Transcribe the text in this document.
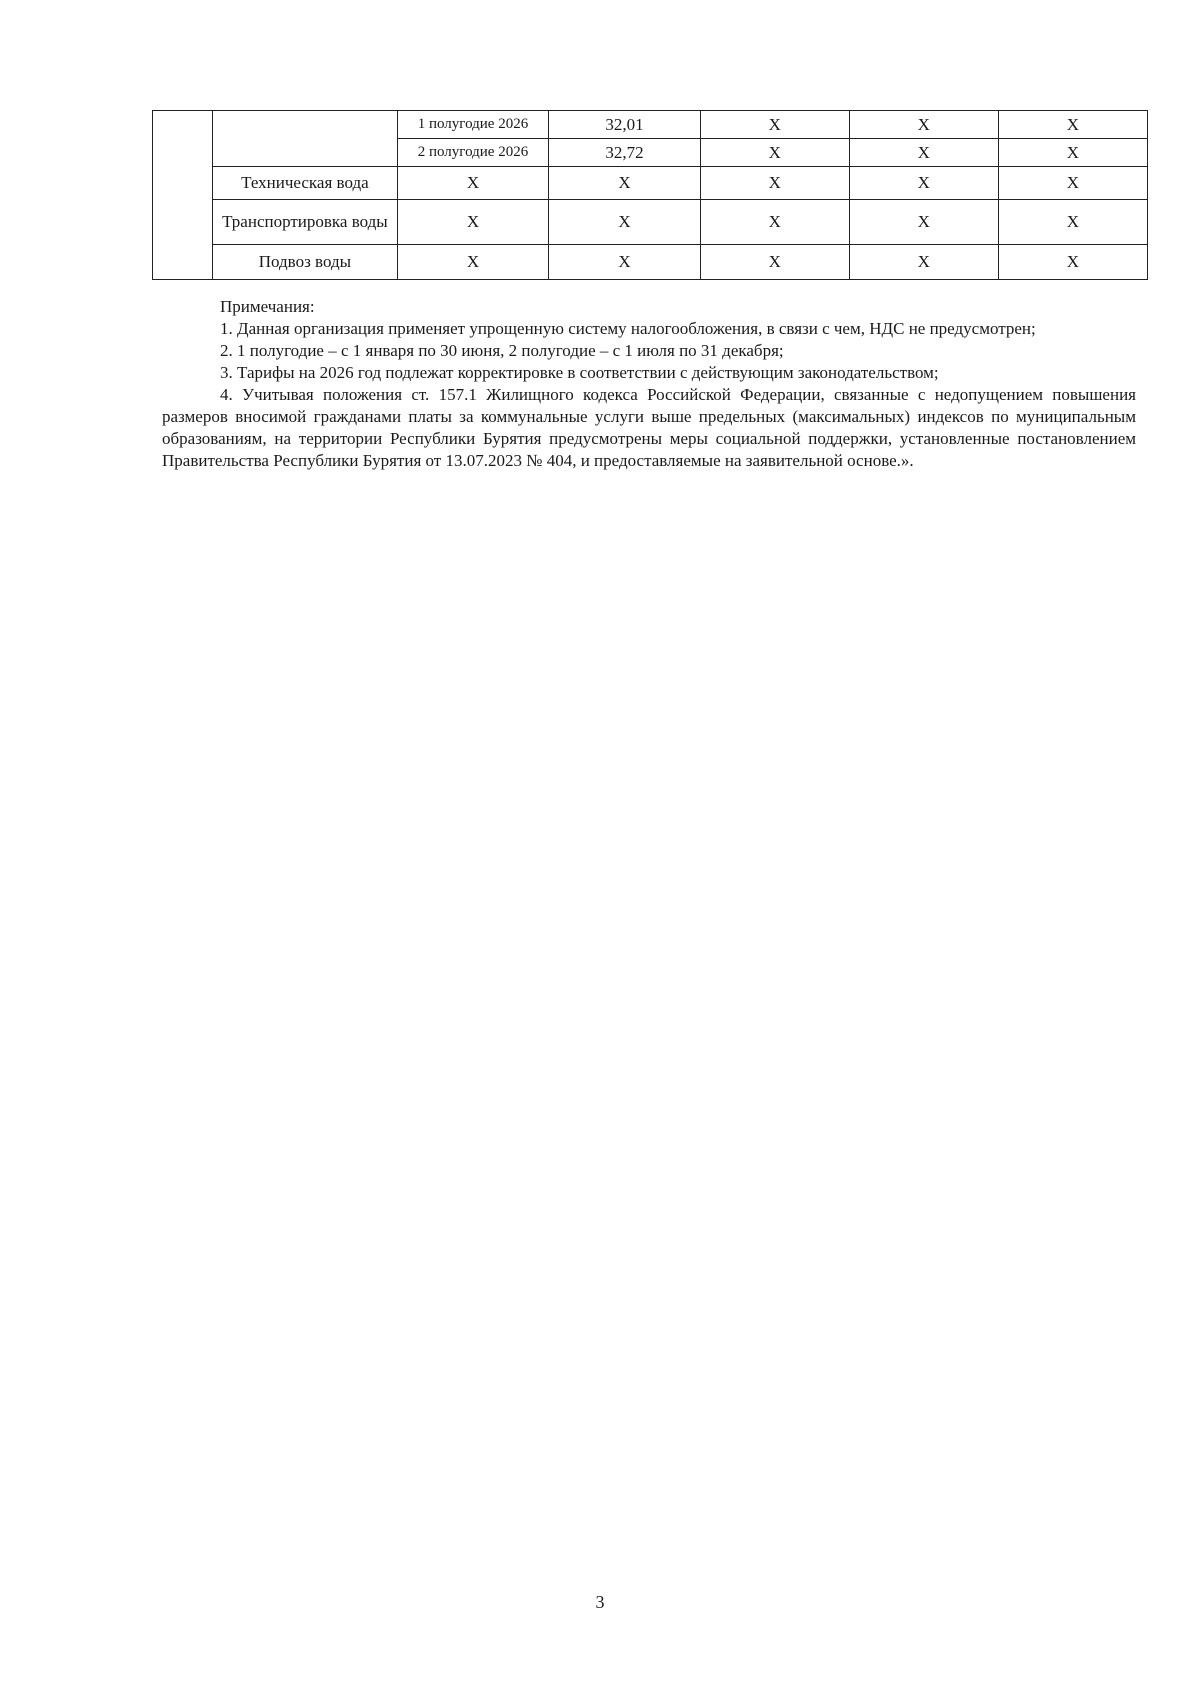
		1 полугодие 2026	32,01	Х	Х	Х
		2 полугодие 2026	32,72	Х	Х	Х
	Техническая вода	Х	Х	Х	Х	Х
	Транспортировка воды	Х	Х	Х	Х	Х
	Подвоз воды	Х	Х	Х	Х	Х

Примечания:

1. Данная организация применяет упрощенную систему налогообложения, в связи с чем, НДС не предусмотрен;

2. 1 полугодие – с 1 января по 30 июня, 2 полугодие – с 1 июля по 31 декабря;

3. Тарифы на 2026 год подлежат корректировке в соответствии с действующим законодательством;

4. Учитывая положения ст. 157.1 Жилищного кодекса Российской Федерации, связанные с недопущением повышения размеров вносимой гражданами платы за коммунальные услуги выше предельных (максимальных) индексов по муниципальным образованиям, на территории Республики Бурятия предусмотрены меры социальной поддержки, установленные постановлением Правительства Республики Бурятия от 13.07.2023 № 404, и предоставляемые на заявительной основе.».

3
